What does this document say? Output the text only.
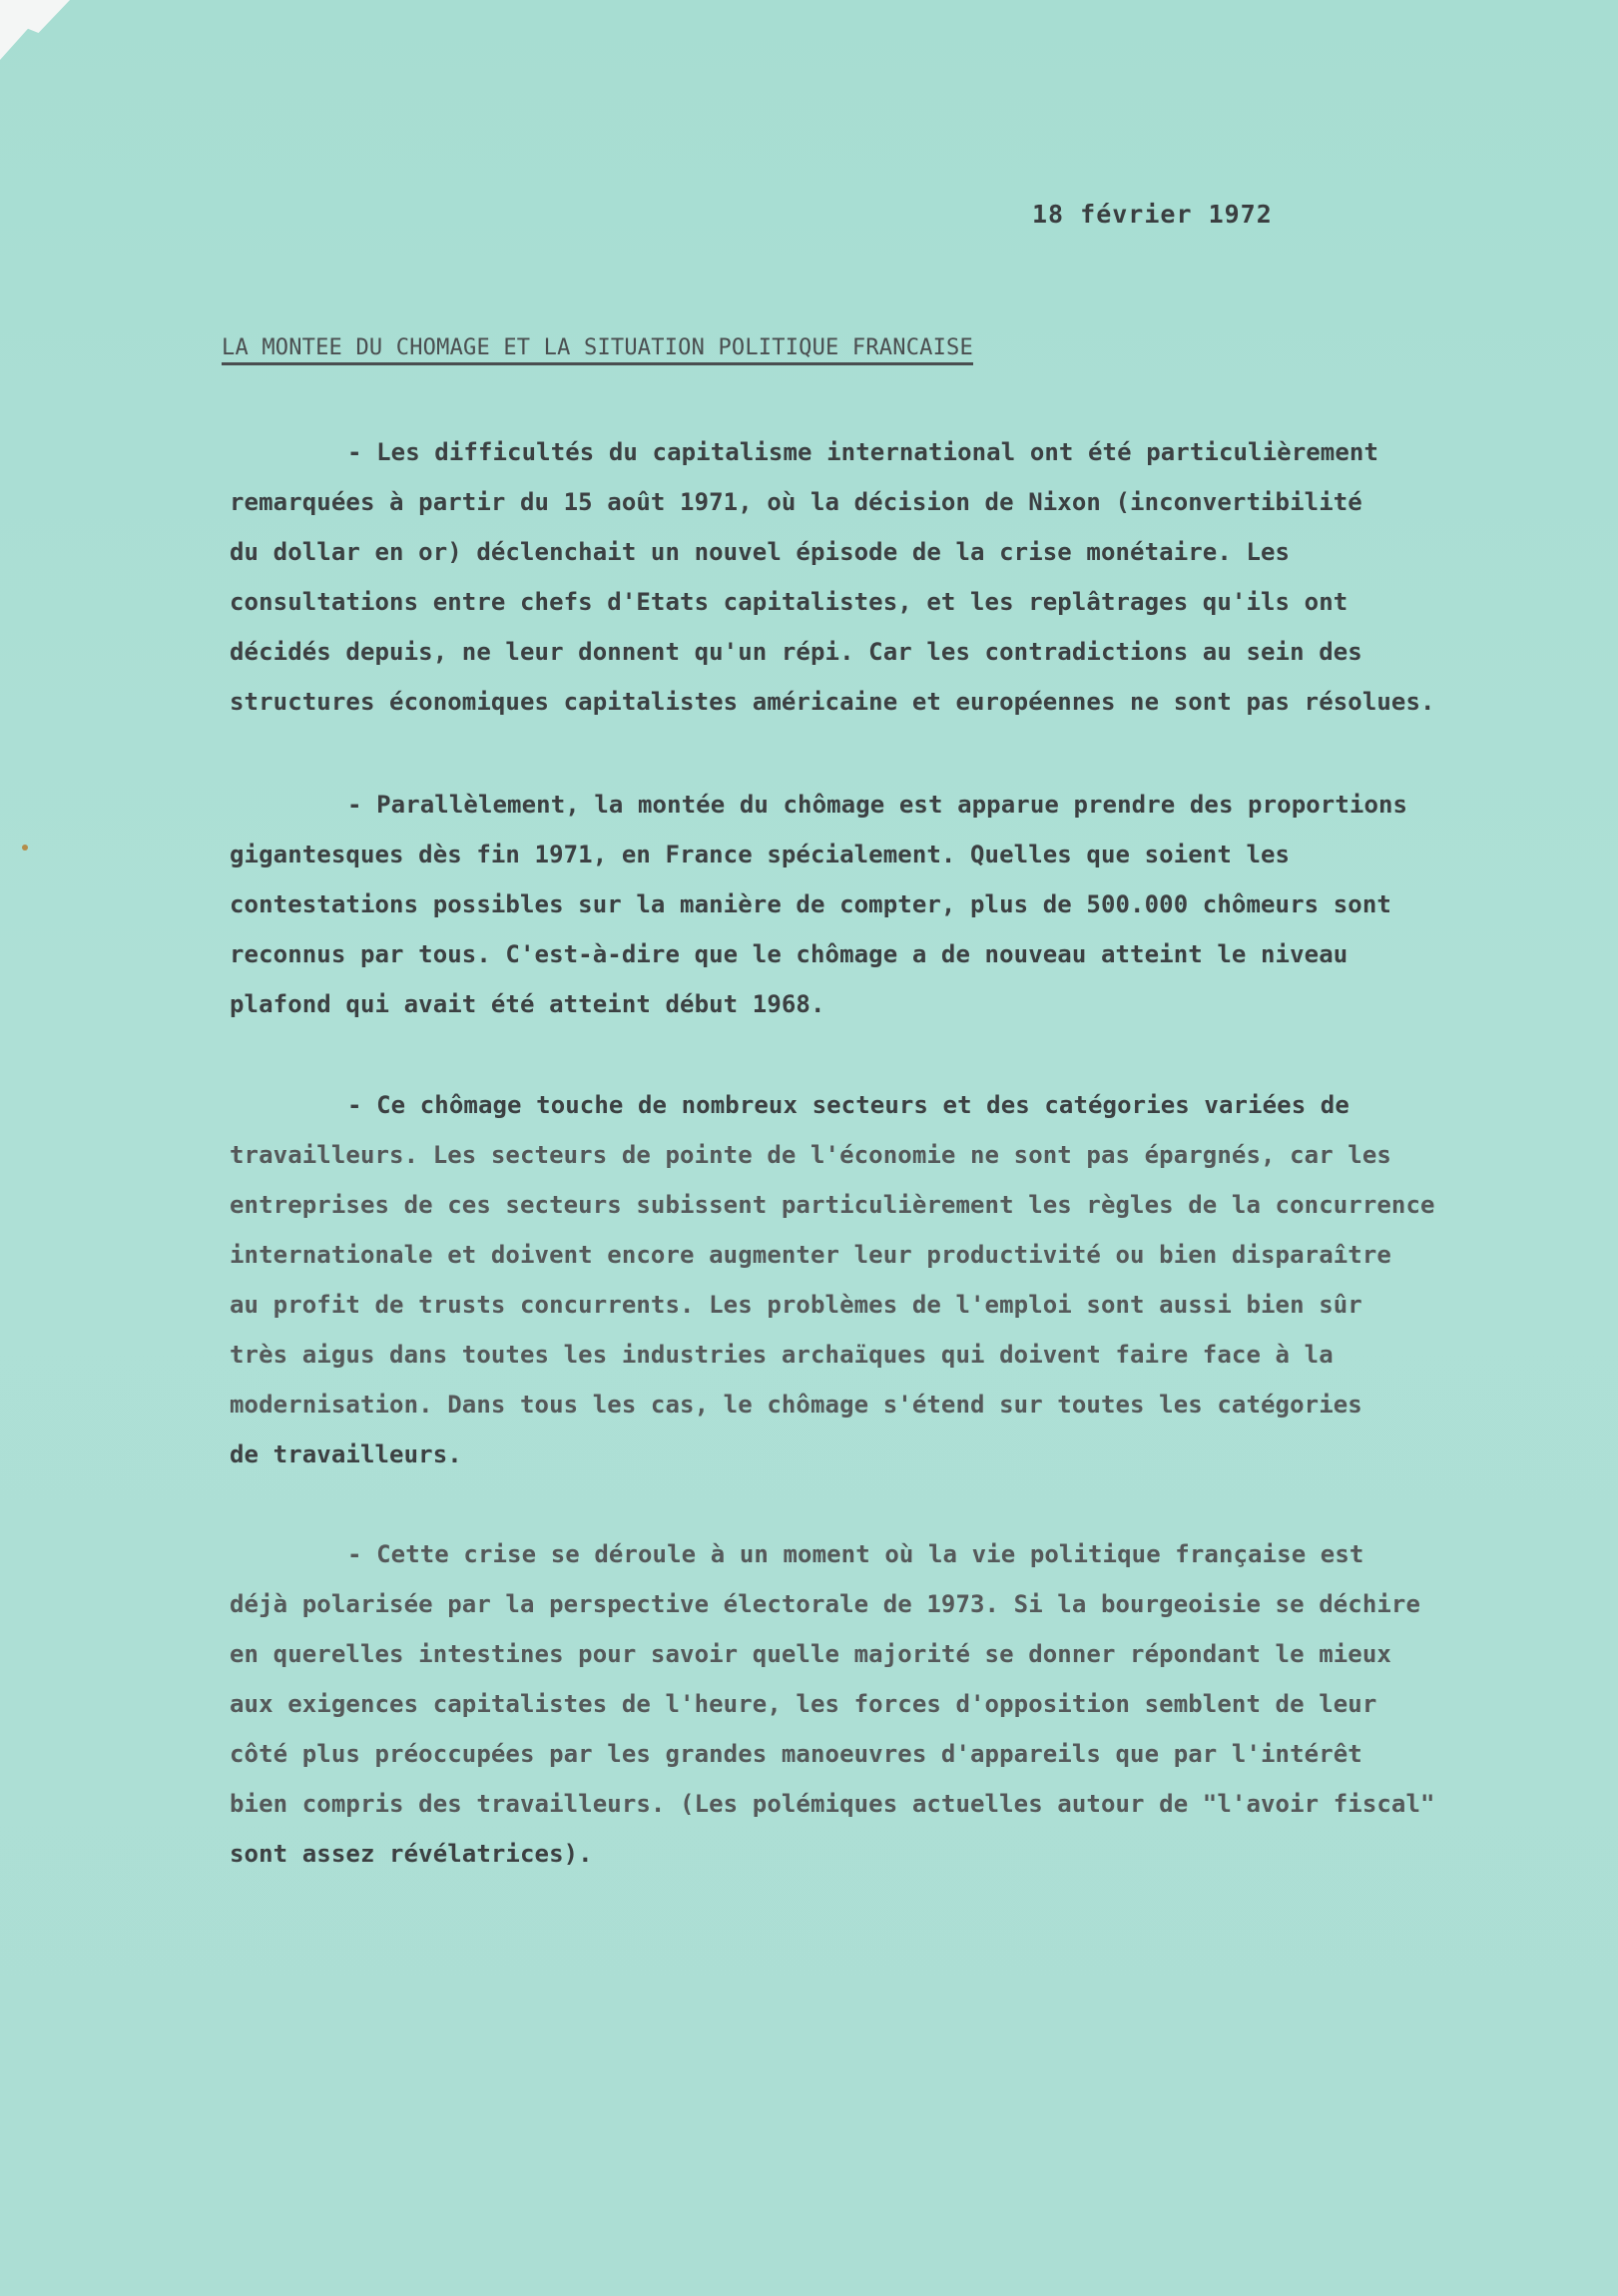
18 février 1972
LA MONTEE DU CHOMAGE ET LA SITUATION POLITIQUE FRANCAISE
- Les difficultés du capitalisme international ont été particulièrement
remarquées à partir du 15 août 1971, où la décision de Nixon (inconvertibilité
du dollar en or) déclenchait un nouvel épisode de la crise monétaire. Les
consultations entre chefs d'Etats capitalistes, et les replâtrages qu'ils ont
décidés depuis, ne leur donnent qu'un répi. Car les contradictions au sein des
structures économiques capitalistes américaine et européennes ne sont pas résolues.
- Parallèlement, la montée du chômage est apparue prendre des proportions
gigantesques dès fin 1971, en France spécialement. Quelles que soient les
contestations possibles sur la manière de compter, plus de 500.000 chômeurs sont
reconnus par tous. C'est-à-dire que le chômage a de nouveau atteint le niveau
plafond qui avait été atteint début 1968.
- Ce chômage touche de nombreux secteurs et des catégories variées de
travailleurs. Les secteurs de pointe de l'économie ne sont pas épargnés, car les
entreprises de ces secteurs subissent particulièrement les règles de la concurrence
internationale et doivent encore augmenter leur productivité ou bien disparaître
au profit de trusts concurrents. Les problèmes de l'emploi sont aussi bien sûr
très aigus dans toutes les industries archaïques qui doivent faire face à la
modernisation. Dans tous les cas, le chômage s'étend sur toutes les catégories
de travailleurs.
- Cette crise se déroule à un moment où la vie politique française est
déjà polarisée par la perspective électorale de 1973. Si la bourgeoisie se déchire
en querelles intestines pour savoir quelle majorité se donner répondant le mieux
aux exigences capitalistes de l'heure, les forces d'opposition semblent de leur
côté plus préoccupées par les grandes manoeuvres d'appareils que par l'intérêt
bien compris des travailleurs. (Les polémiques actuelles autour de "l'avoir fiscal"
sont assez révélatrices).
